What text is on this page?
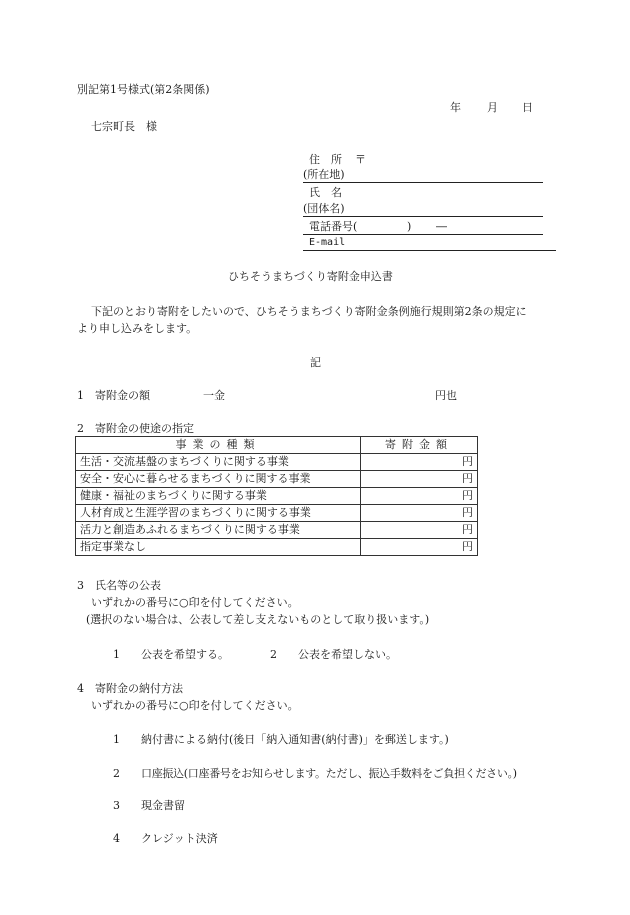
別記第1号様式(第2条関係)
年 月 日
七宗町長　様
住　所 〒
(所在地)
氏　名
(団体名)
電話番号(	) ―
E-mail
ひちそうまちづくり寄附金申込書
下記のとおり寄附をしたいので、ひちそうまちづくり寄附金条例施行規則第2条の規定に
より申し込みをします。
記
1　寄附金の額	一金	円也
2　寄附金の使途の指定
事業の種類	寄附金額
生活・交流基盤のまちづくりに関する事業	円
安全・安心に暮らせるまちづくりに関する事業	円
健康・福祉のまちづくりに関する事業	円
人材育成と生涯学習のまちづくりに関する事業	円
活力と創造あふれるまちづくりに関する事業	円
指定事業なし	円
3　氏名等の公表
いずれかの番号に○印を付してください。
(選択のない場合は、公表して差し支えないものとして取り扱います。)
1 公表を希望する。	2 公表を希望しない。
4　寄附金の納付方法
いずれかの番号に○印を付してください。
1 納付書による納付(後日「納入通知書(納付書)」を郵送します。)
2 口座振込(口座番号をお知らせします。ただし、振込手数料をご負担ください。)
3 現金書留
4 クレジット決済
